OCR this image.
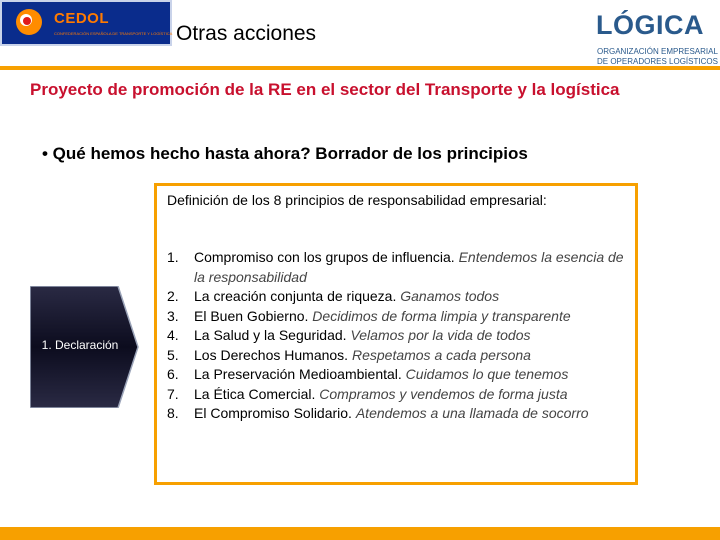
CEDOL
CONFEDERACIÓN ESPAÑOLA DE TRANSPORTE Y LOGÍSTICA Otras acciones	LÓGICA
ORGANIZACIÓN EMPRESARIAL
DE OPERADORES LOGÍSTICOS
Proyecto de promoción de la RE en el sector del Transporte y la logística
• Qué hemos hecho hasta ahora? Borrador de los principios
1. Declaración
Definición de los 8 principios de responsabilidad empresarial:
1. Compromiso con los grupos de influencia. Entendemos la esencia de la responsabilidad
2. La creación conjunta de riqueza. Ganamos todos
3. El Buen Gobierno. Decidimos de forma limpia y transparente
4. La Salud y la Seguridad. Velamos por la vida de todos
5. Los Derechos Humanos. Respetamos a cada persona
6. La Preservación Medioambiental. Cuidamos lo que tenemos
7. La Ética Comercial. Compramos y vendemos de forma justa
8. El Compromiso Solidario. Atendemos a una llamada de socorro
